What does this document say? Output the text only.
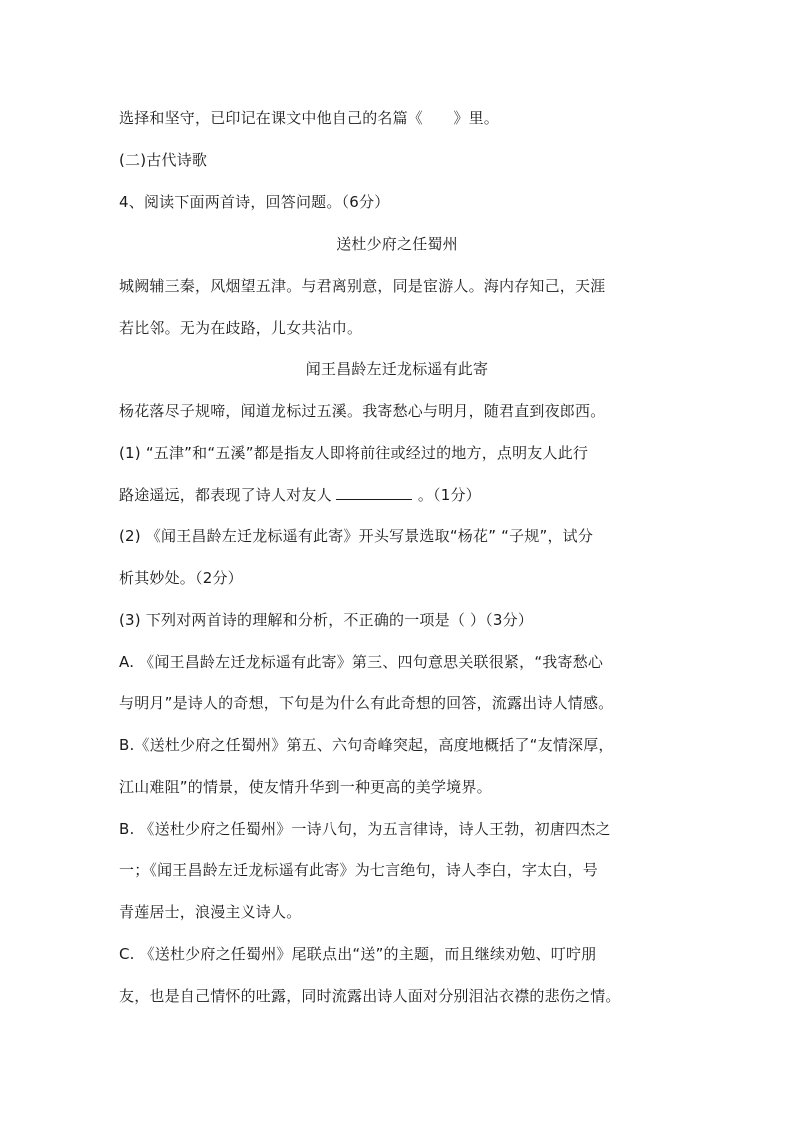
选择和坚守，已印记在课文中他自己的名篇《　　》里。
(二)古代诗歌
4、阅读下面两首诗，回答问题。（6分）
送杜少府之任蜀州
城阙辅三秦，风烟望五津。与君离别意，同是宦游人。海内存知己，天涯
若比邻。无为在歧路，儿女共沾巾。
闻王昌龄左迁龙标遥有此寄
杨花落尽子规啼，闻道龙标过五溪。我寄愁心与明月，随君直到夜郎西。
(1) “五津”和“五溪”都是指友人即将前往或经过的地方，点明友人此行
路途遥远，都表现了诗人对友人	。（1分）
(2) 《闻王昌龄左迁龙标遥有此寄》开头写景选取“杨花” “子规”，试分
析其妙处。（2分）
(3) 下列对两首诗的理解和分析，不正确的一项是（ ）（3分）
A. 《闻王昌龄左迁龙标遥有此寄》第三、四句意思关联很紧，“我寄愁心
与明月”是诗人的奇想，下句是为什么有此奇想的回答，流露出诗人情感。
B.《送杜少府之任蜀州》第五、六句奇峰突起，高度地概括了“友情深厚，
江山难阻”的情景，使友情升华到一种更高的美学境界。
B. 《送杜少府之任蜀州》一诗八句，为五言律诗，诗人王勃，初唐四杰之
一；《闻王昌龄左迁龙标遥有此寄》为七言绝句，诗人李白，字太白，号
青莲居士，浪漫主义诗人。
C. 《送杜少府之任蜀州》尾联点出“送”的主题，而且继续劝勉、叮咛朋
友，也是自己情怀的吐露，同时流露出诗人面对分别泪沾衣襟的悲伤之情。
